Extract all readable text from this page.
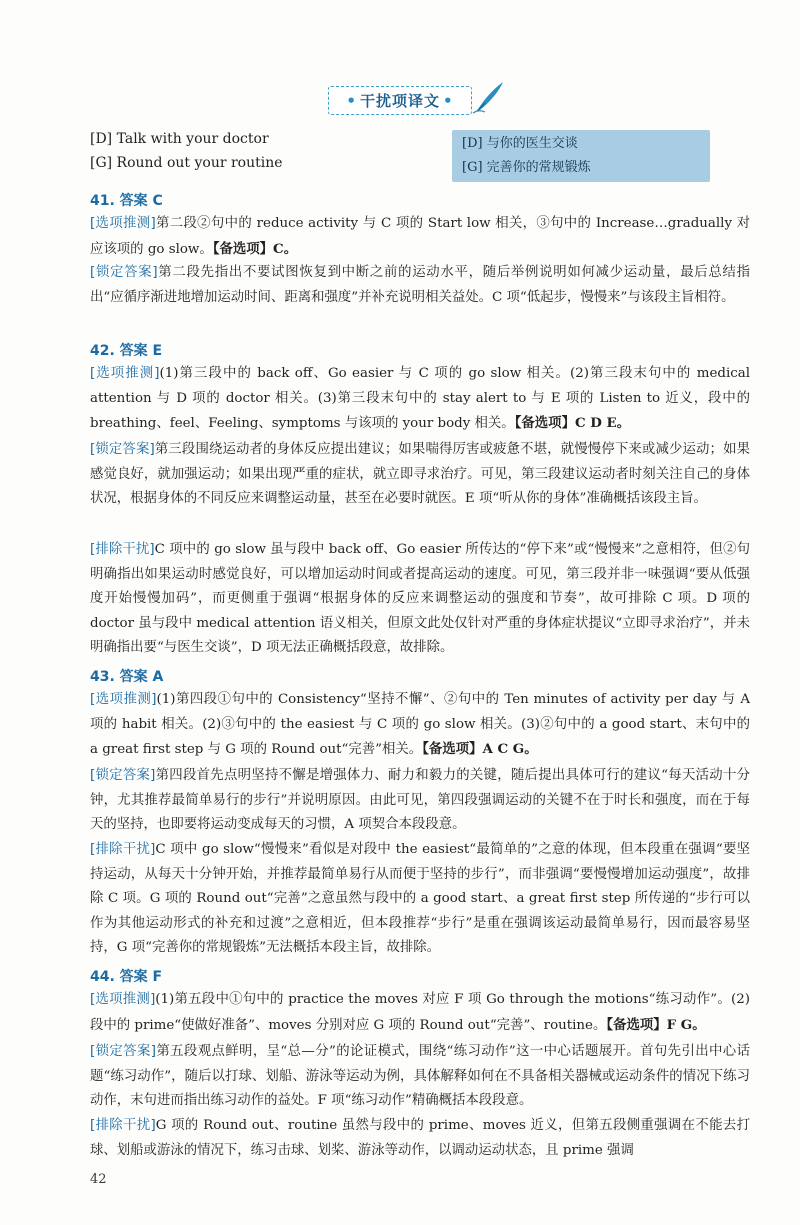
• 干扰项译文 •
[D] Talk with your doctor
[G] Round out your routine
[D] 与你的医生交谈
[G] 完善你的常规锻炼
41. 答案 C
[选项推测]第二段②句中的 reduce activity 与 C 项的 Start low 相关，③句中的 Increase…gradually 对应该项的 go slow。【备选项】C。
[锁定答案]第二段先指出不要试图恢复到中断之前的运动水平，随后举例说明如何减少运动量，最后总结指出“应循序渐进地增加运动时间、距离和强度”并补充说明相关益处。C 项“低起步，慢慢来”与该段主旨相符。
42. 答案 E
[选项推测](1)第三段中的 back off、Go easier 与 C 项的 go slow 相关。(2)第三段末句中的 medical attention 与 D 项的 doctor 相关。(3)第三段末句中的 stay alert to 与 E 项的 Listen to 近义，段中的 breathing、feel、Feeling、symptoms 与该项的 your body 相关。【备选项】C D E。
[锁定答案]第三段围绕运动者的身体反应提出建议；如果喘得厉害或疲惫不堪，就慢慢停下来或减少运动；如果感觉良好，就加强运动；如果出现严重的症状，就立即寻求治疗。可见，第三段建议运动者时刻关注自己的身体状况，根据身体的不同反应来调整运动量，甚至在必要时就医。E 项“听从你的身体”准确概括该段主旨。
[排除干扰]C 项中的 go slow 虽与段中 back off、Go easier 所传达的“停下来”或“慢慢来”之意相符，但②句明确指出如果运动时感觉良好，可以增加运动时间或者提高运动的速度。可见，第三段并非一味强调“要从低强度开始慢慢加码”，而更侧重于强调“根据身体的反应来调整运动的强度和节奏”，故可排除 C 项。D 项的 doctor 虽与段中 medical attention 语义相关，但原文此处仅针对严重的身体症状提议“立即寻求治疗”，并未明确指出要“与医生交谈”，D 项无法正确概括段意，故排除。
43. 答案 A
[选项推测](1)第四段①句中的 Consistency“坚持不懈”、②句中的 Ten minutes of activity per day 与 A 项的 habit 相关。(2)③句中的 the easiest 与 C 项的 go slow 相关。(3)②句中的 a good start、末句中的 a great first step 与 G 项的 Round out“完善”相关。【备选项】A C G。
[锁定答案]第四段首先点明坚持不懈是增强体力、耐力和毅力的关键，随后提出具体可行的建议“每天活动十分钟，尤其推荐最简单易行的步行”并说明原因。由此可见，第四段强调运动的关键不在于时长和强度，而在于每天的坚持，也即要将运动变成每天的习惯，A 项契合本段段意。
[排除干扰]C 项中 go slow“慢慢来”看似是对段中 the easiest“最简单的”之意的体现，但本段重在强调“要坚持运动，从每天十分钟开始，并推荐最简单易行从而便于坚持的步行”，而非强调“要慢慢增加运动强度”，故排除 C 项。G 项的 Round out“完善”之意虽然与段中的 a good start、a great first step 所传递的“步行可以作为其他运动形式的补充和过渡”之意相近，但本段推荐“步行”是重在强调该运动最简单易行，因而最容易坚持，G 项“完善你的常规锻炼”无法概括本段主旨，故排除。
44. 答案 F
[选项推测](1)第五段中①句中的 practice the moves 对应 F 项 Go through the motions“练习动作”。(2)段中的 prime“使做好准备”、moves 分别对应 G 项的 Round out“完善”、routine。【备选项】F G。
[锁定答案]第五段观点鲜明，呈“总—分”的论证模式，围绕“练习动作”这一中心话题展开。首句先引出中心话题“练习动作”，随后以打球、划船、游泳等运动为例，具体解释如何在不具备相关器械或运动条件的情况下练习动作，末句进而指出练习动作的益处。F 项“练习动作”精确概括本段段意。
[排除干扰]G 项的 Round out、routine 虽然与段中的 prime、moves 近义，但第五段侧重强调在不能去打球、划船或游泳的情况下，练习击球、划桨、游泳等动作，以调动运动状态，且 prime 强调
42
